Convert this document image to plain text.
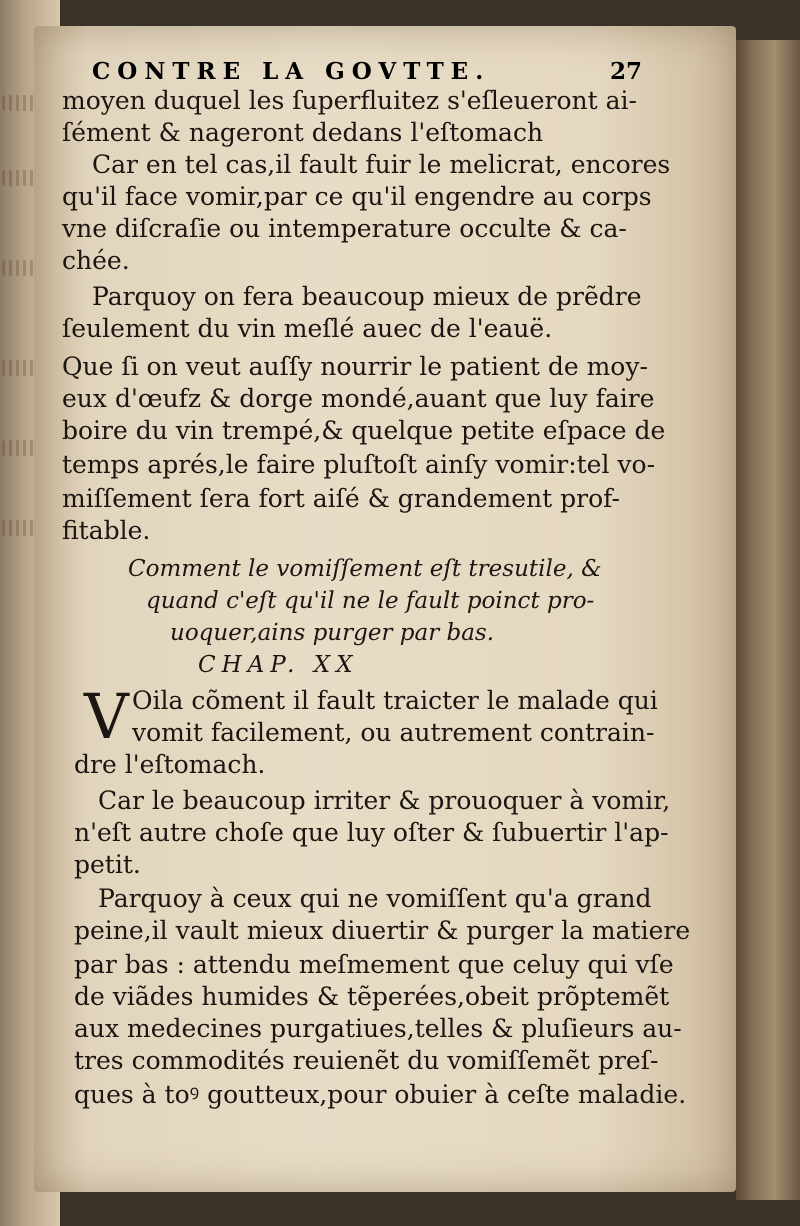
CONTRE LA GOVTTE.	27
moyen duquel les ſuperfluitez s'eſleueront ai-
ſément & nageront dedans l'eſtomach
Car en tel cas,il fault fuir le melicrat, encores
qu'il face vomir,par ce qu'il engendre au corps
vne diſcraſie ou intemperature occulte & ca-
chée.
Parquoy on fera beaucoup mieux de prẽdre
ſeulement du vin meſlé auec de l'eauë.
Que ſi on veut auſſy nourrir le patient de moy-
eux d'œufz & dorge mondé,auant que luy faire
boire du vin trempé,& quelque petite eſpace de
temps aprés,le faire pluſtoſt ainſy vomir:tel vo-
miſſement ſera fort aiſé & grandement prof-
fitable.
Comment le vomiſſement eſt tresutile, &
quand c'eſt qu'il ne le fault poinct pro-
uoquer,ains purger par bas.
CHAP. XX
V Oila cõment il fault traicter le malade qui
vomit facilement, ou autrement contrain-
dre l'eſtomach.
Car le beaucoup irriter & prouoquer à vomir,
n'eſt autre choſe que luy oſter & ſubuertir l'ap-
petit.
Parquoy à ceux qui ne vomiſſent qu'a grand
peine,il vault mieux diuertir & purger la matiere
par bas : attendu meſmement que celuy qui vſe
de viãdes humides & tẽperées,obeit prõptemẽt
aux medecines purgatiues,telles & pluſieurs au-
tres commodités reuienẽt du vomiſſemẽt preſ-
ques à toꝰ goutteux,pour obuier à ceſte maladie.
